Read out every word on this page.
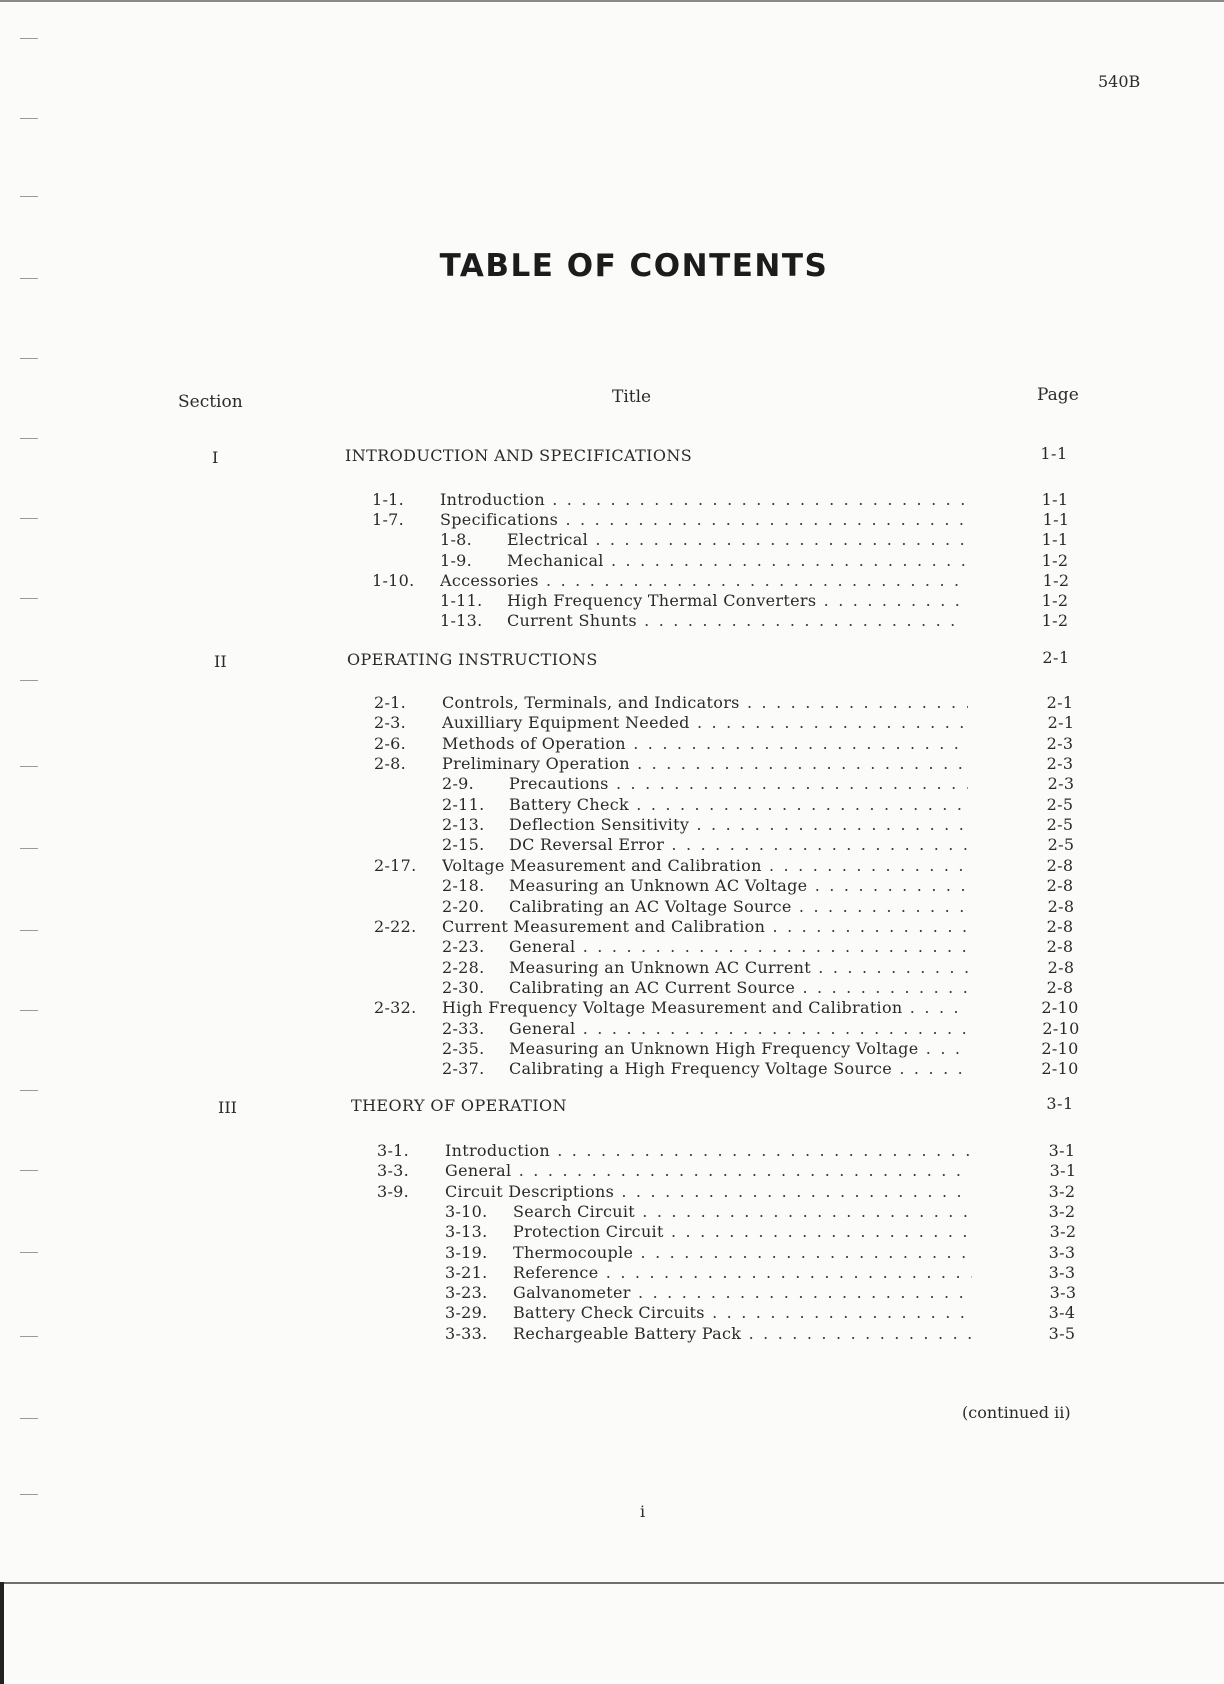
540B
TABLE OF CONTENTS
Section	Title	Page
I	INTRODUCTION AND SPECIFICATIONS	1-1
1-1. Introduction . . .	1-1
1-7. Specifications . . .	1-1
1-8. Electrical . . .	1-1
1-9. Mechanical . . .	1-2
1-10. Accessories . . .	1-2
1-11. High Frequency Thermal Converters . . .	1-2
1-13. Current Shunts . . .	1-2
II	OPERATING INSTRUCTIONS	2-1
2-1. Controls, Terminals, and Indicators . . .	2-1
2-3. Auxilliary Equipment Needed . . .	2-1
2-6. Methods of Operation . . .	2-3
2-8. Preliminary Operation . . .	2-3
2-9. Precautions . . .	2-3
2-11. Battery Check . . .	2-5
2-13. Deflection Sensitivity . . .	2-5
2-15. DC Reversal Error . . .	2-5
2-17. Voltage Measurement and Calibration . . .	2-8
2-18. Measuring an Unknown AC Voltage . . .	2-8
2-20. Calibrating an AC Voltage Source . . .	2-8
2-22. Current Measurement and Calibration . . .	2-8
2-23. General . . .	2-8
2-28. Measuring an Unknown AC Current . . .	2-8
2-30. Calibrating an AC Current Source . . .	2-8
2-32. High Frequency Voltage Measurement and Calibration . . .	2-10
2-33. General . . .	2-10
2-35. Measuring an Unknown High Frequency Voltage . . .	2-10
2-37. Calibrating a High Frequency Voltage Source . . .	2-10
III	THEORY OF OPERATION	3-1
3-1. Introduction . . .	3-1
3-3. General . . .	3-1
3-9. Circuit Descriptions . . .	3-2
3-10. Search Circuit . . .	3-2
3-13. Protection Circuit . . .	3-2
3-19. Thermocouple . . .	3-3
3-21. Reference . . .	3-3
3-23. Galvanometer . . .	3-3
3-29. Battery Check Circuits . . .	3-4
3-33. Rechargeable Battery Pack . . .	3-5
(continued ii)
i
